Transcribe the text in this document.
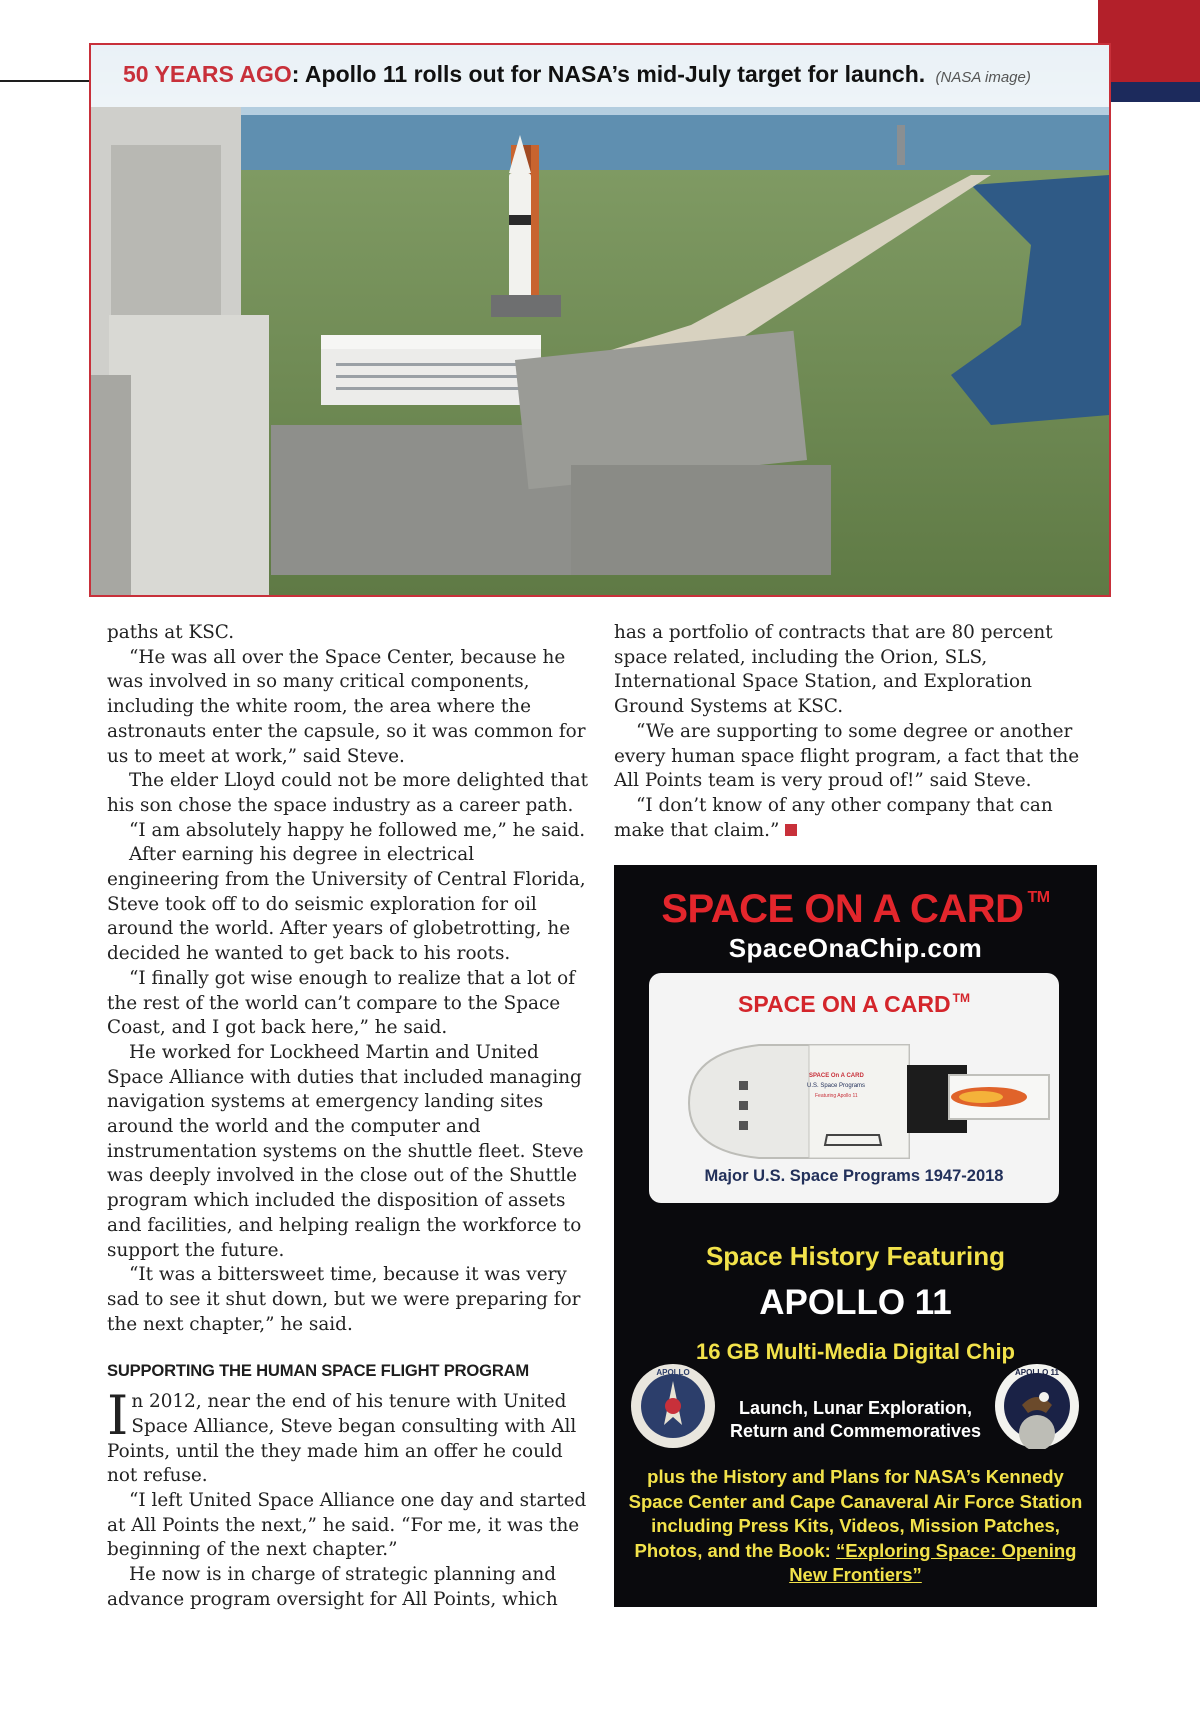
50 YEARS AGO: Apollo 11 rolls out for NASA’s mid-July target for launch. (NASA image)

paths at KSC.

“He was all over the Space Center, because he was involved in so many critical components, including the white room, the area where the astronauts enter the capsule, so it was common for us to meet at work,” said Steve.

The elder Lloyd could not be more delighted that his son chose the space industry as a career path.

“I am absolutely happy he followed me,” he said.

After earning his degree in electrical engineering from the University of Central Florida, Steve took off to do seismic exploration for oil around the world. After years of globetrotting, he decided he wanted to get back to his roots.

“I finally got wise enough to realize that a lot of the rest of the world can’t compare to the Space Coast, and I got back here,” he said.

He worked for Lockheed Martin and United Space Alliance with duties that included managing navigation systems at emergency landing sites around the world and the computer and instrumentation systems on the shuttle fleet. Steve was deeply involved in the close out of the Shuttle program which included the disposition of assets and facilities, and helping realign the workforce to support the future.

“It was a bittersweet time, because it was very sad to see it shut down, but we were preparing for the next chapter,” he said.

SUPPORTING THE HUMAN SPACE FLIGHT PROGRAM

In 2012, near the end of his tenure with United Space Alliance, Steve began consulting with All Points, until the they made him an offer he could not refuse.

“I left United Space Alliance one day and started at All Points the next,” he said. “For me, it was the beginning of the next chapter.”

He now is in charge of strategic planning and advance program oversight for All Points, which

has a portfolio of contracts that are 80 percent space related, including the Orion, SLS, International Space Station, and Exploration Ground Systems at KSC.

“We are supporting to some degree or another every human space flight program, a fact that the All Points team is very proud of!” said Steve.

“I don’t know of any other company that can make that claim.”

SPACE ON A CARD ™
SpaceOnaChip.com
SPACE ON A CARD ™
SPACE On A CARD
U.S. Space Programs
Featuring Apollo 11
Major U.S. Space Programs 1947-2018
Space History Featuring
APOLLO 11
16 GB Multi-Media Digital Chip
APOLLO
Launch, Lunar Exploration, Return and Commemoratives
APOLLO 11
plus the History and Plans for NASA’s Kennedy Space Center and Cape Canaveral Air Force Station including Press Kits, Videos, Mission Patches, Photos, and the Book: “Exploring Space: Opening New Frontiers”
